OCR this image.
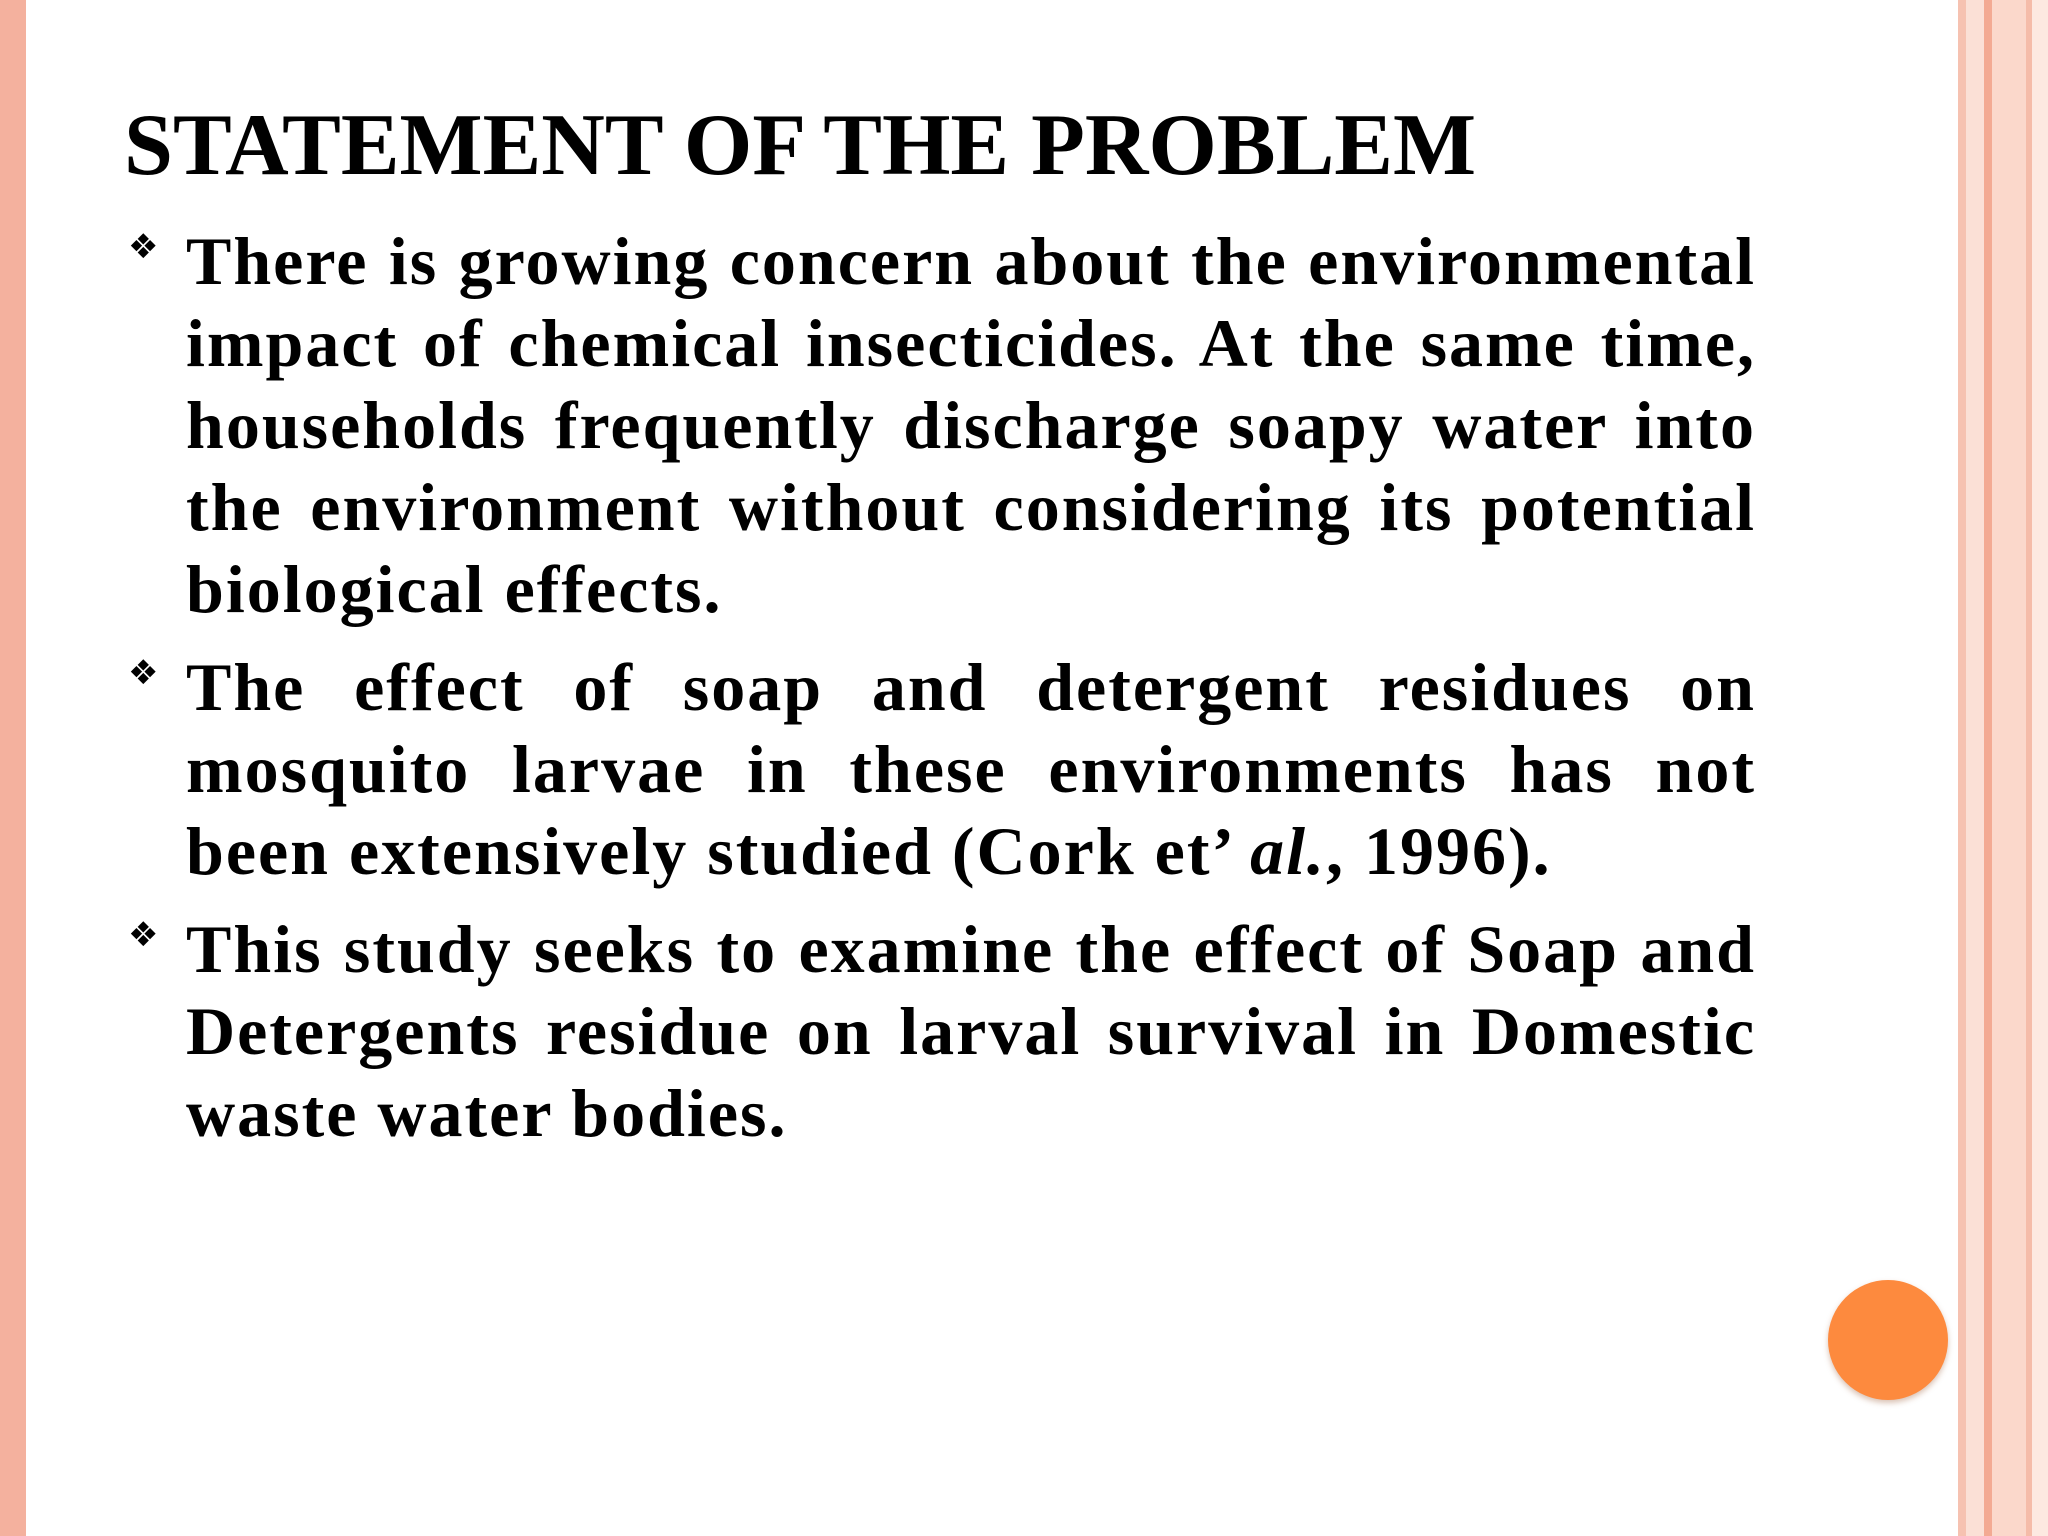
STATEMENT OF THE PROBLEM
❖ There is growing concern about the environmental impact of chemical insecticides. At the same time, households frequently discharge soapy water into the environment without considering its potential biological effects.
❖ The effect of soap and detergent residues on mosquito larvae in these environments has not been extensively studied (Cork et’ al., 1996).
❖ This study seeks to examine the effect of Soap and Detergents residue on larval survival in Domestic waste water bodies.
